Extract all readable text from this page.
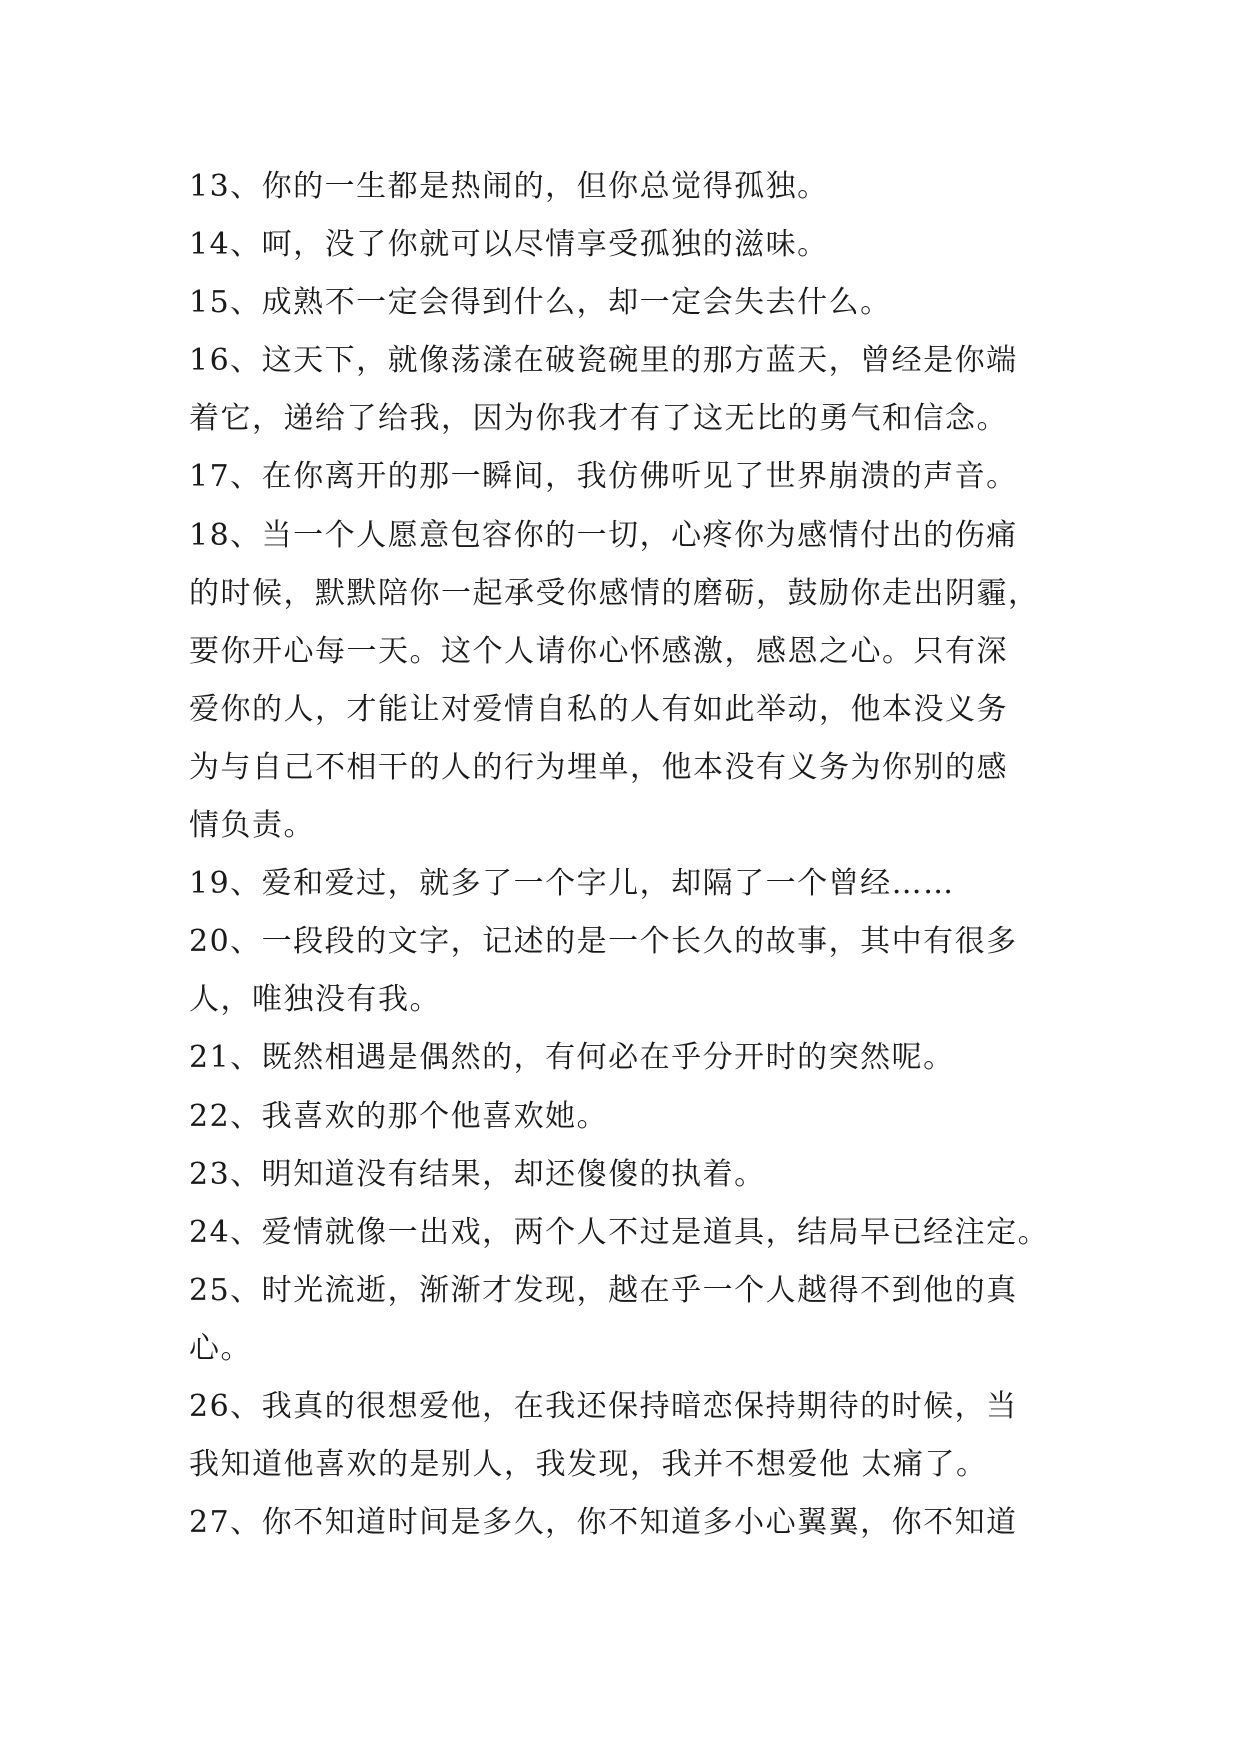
13、你的一生都是热闹的，但你总觉得孤独。
14、呵，没了你就可以尽情享受孤独的滋味。
15、成熟不一定会得到什么，却一定会失去什么。
16、这天下，就像荡漾在破瓷碗里的那方蓝天，曾经是你端
着它，递给了给我，因为你我才有了这无比的勇气和信念。
17、在你离开的那一瞬间，我仿佛听见了世界崩溃的声音。
18、当一个人愿意包容你的一切，心疼你为感情付出的伤痛
的时候，默默陪你一起承受你感情的磨砺，鼓励你走出阴霾，
要你开心每一天。这个人请你心怀感激，感恩之心。只有深
爱你的人，才能让对爱情自私的人有如此举动，他本没义务
为与自己不相干的人的行为埋单，他本没有义务为你别的感
情负责。
19、爱和爱过，就多了一个字儿，却隔了一个曾经……
20、一段段的文字，记述的是一个长久的故事，其中有很多
人，唯独没有我。
21、既然相遇是偶然的，有何必在乎分开时的突然呢。
22、我喜欢的那个他喜欢她。
23、明知道没有结果，却还傻傻的执着。
24、爱情就像一出戏，两个人不过是道具，结局早已经注定。
25、时光流逝，渐渐才发现，越在乎一个人越得不到他的真
心。
26、我真的很想爱他，在我还保持暗恋保持期待的时候，当
我知道他喜欢的是别人，我发现，我并不想爱他 太痛了。
27、你不知道时间是多久，你不知道多小心翼翼，你不知道
